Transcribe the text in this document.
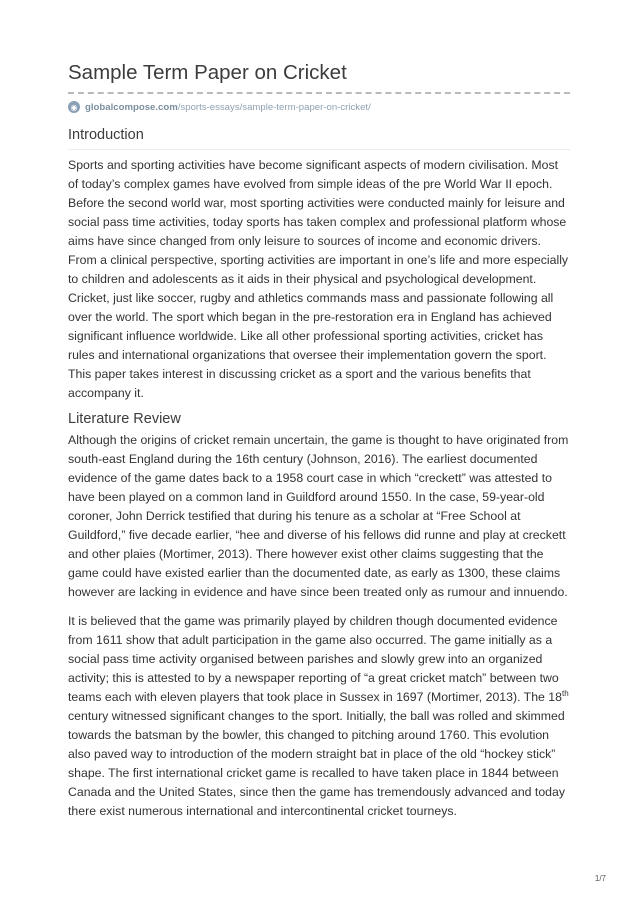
Sample Term Paper on Cricket
◉ globalcompose.com /sports-essays/sample-term-paper-on-cricket/
Introduction

Sports and sporting activities have become significant aspects of modern civilisation. Most of today’s complex games have evolved from simple ideas of the pre World War II epoch. Before the second world war, most sporting activities were conducted mainly for leisure and social pass time activities, today sports has taken complex and professional platform whose aims have since changed from only leisure to sources of income and economic drivers. From a clinical perspective, sporting activities are important in one’s life and more especially to children and adolescents as it aids in their physical and psychological development. Cricket, just like soccer, rugby and athletics commands mass and passionate following all over the world. The sport which began in the pre-restoration era in England has achieved significant influence worldwide. Like all other professional sporting activities, cricket has rules and international organizations that oversee their implementation govern the sport. This paper takes interest in discussing cricket as a sport and the various benefits that accompany it.

Literature Review

Although the origins of cricket remain uncertain, the game is thought to have originated from south-east England during the 16th century (Johnson, 2016). The earliest documented evidence of the game dates back to a 1958 court case in which “creckett” was attested to have been played on a common land in Guildford around 1550. In the case, 59-year-old coroner, John Derrick testified that during his tenure as a scholar at “Free School at Guildford,” five decade earlier, “hee and diverse of his fellows did runne and play at creckett and other plaies (Mortimer, 2013). There however exist other claims suggesting that the game could have existed earlier than the documented date, as early as 1300, these claims however are lacking in evidence and have since been treated only as rumour and innuendo.

It is believed that the game was primarily played by children though documented evidence from 1611 show that adult participation in the game also occurred. The game initially as a social pass time activity organised between parishes and slowly grew into an organized activity; this is attested to by a newspaper reporting of “a great cricket match” between two teams each with eleven players that took place in Sussex in 1697 (Mortimer, 2013). The 18th century witnessed significant changes to the sport. Initially, the ball was rolled and skimmed towards the batsman by the bowler, this changed to pitching around 1760. This evolution also paved way to introduction of the modern straight bat in place of the old “hockey stick” shape. The first international cricket game is recalled to have taken place in 1844 between Canada and the United States, since then the game has tremendously advanced and today there exist numerous international and intercontinental cricket tourneys.

1/7
